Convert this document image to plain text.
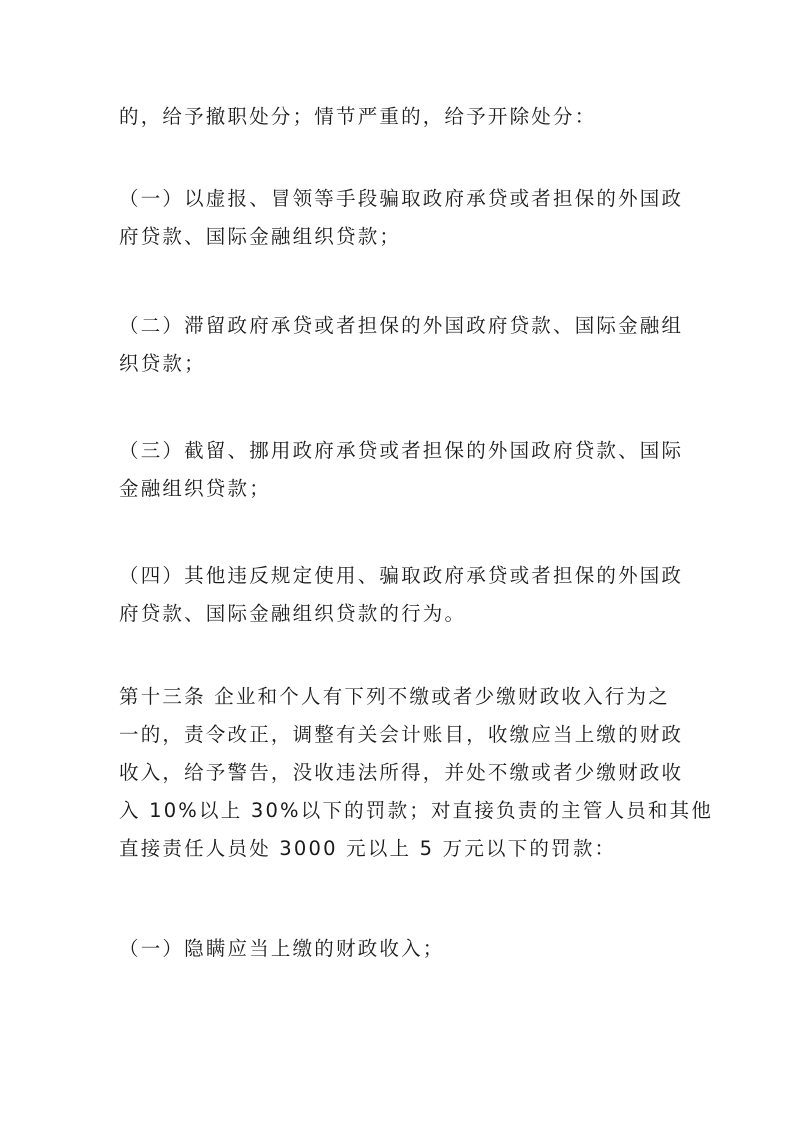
的，给予撤职处分；情节严重的，给予开除处分：
（一）以虚报、冒领等手段骗取政府承贷或者担保的外国政
府贷款、国际金融组织贷款；
（二）滞留政府承贷或者担保的外国政府贷款、国际金融组
织贷款；
（三）截留、挪用政府承贷或者担保的外国政府贷款、国际
金融组织贷款；
（四）其他违反规定使用、骗取政府承贷或者担保的外国政
府贷款、国际金融组织贷款的行为。
第十三条 企业和个人有下列不缴或者少缴财政收入行为之
一的，责令改正，调整有关会计账目，收缴应当上缴的财政
收入，给予警告，没收违法所得，并处不缴或者少缴财政收
入 10%以上 30%以下的罚款；对直接负责的主管人员和其他
直接责任人员处 3000 元以上 5 万元以下的罚款：
（一）隐瞒应当上缴的财政收入；
